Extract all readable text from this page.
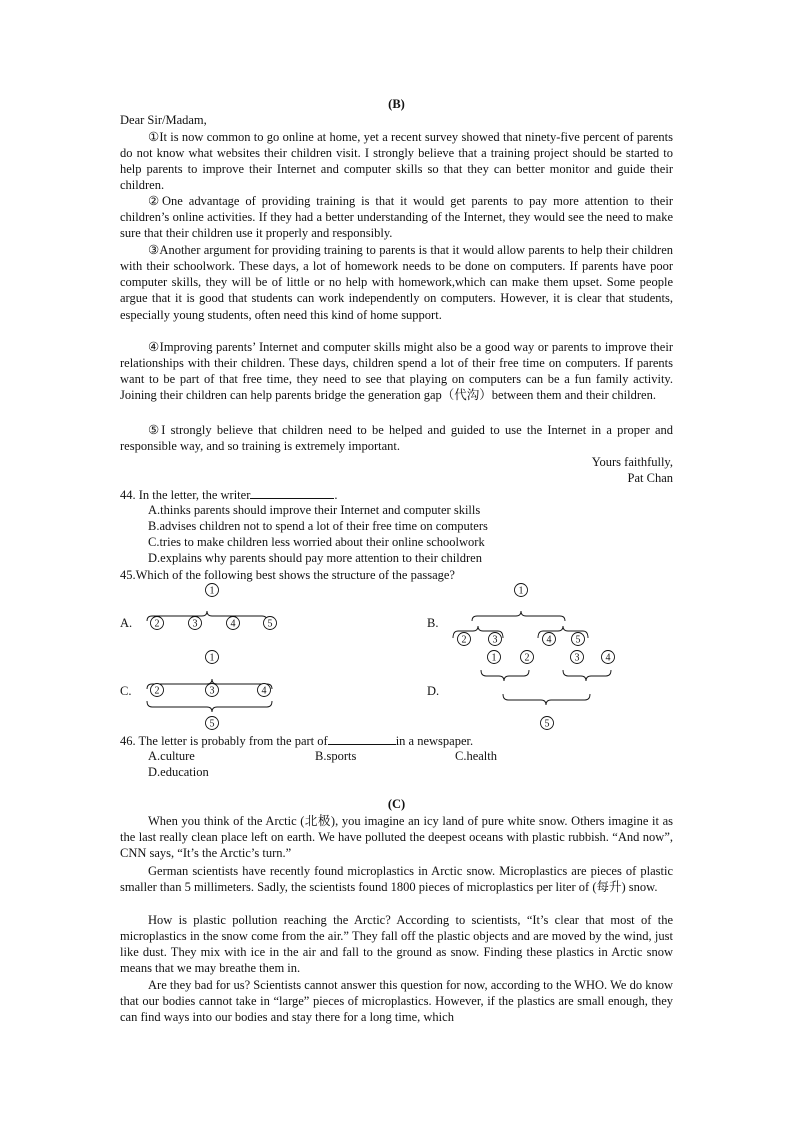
(B)
Dear Sir/Madam,
①It is now common to go online at home, yet a recent survey showed that ninety-five percent of parents do not know what websites their children visit. I strongly believe that a training project should be started to help parents to improve their Internet and computer skills so that they can better monitor and guide their children.
②One advantage of providing training is that it would get parents to pay more attention to their children’s online activities. If they had a better understanding of the Internet, they would see the need to make sure that their children use it properly and responsibly.
③Another argument for providing training to parents is that it would allow parents to help their children with their schoolwork. These days, a lot of homework needs to be done on computers. If parents have poor computer skills, they will be of little or no help with homework,which can make them upset. Some people argue that it is good that students can work independently on computers. However, it is clear that students, especially young students, often need this kind of home support.
④Improving parents’ Internet and computer skills might also be a good way or parents to improve their relationships with their children. These days, children spend a lot of their free time on computers. If parents want to be part of that free time, they need to see that playing on computers can be a fun family activity. Joining their children can help parents bridge the generation gap（代沟）between them and their children.
⑤I strongly believe that children need to be helped and guided to use the Internet in a proper and responsible way, and so training is extremely important.
Yours faithfully,
Pat Chan
44. In the letter, the writer	.
A.thinks parents should improve their Internet and computer skills
B.advises children not to spend a lot of their free time on computers
C.tries to make children less worried about their online schoolwork
D.explains why parents should pay more attention to their children
45.Which of the following best shows the structure of the passage?
A.	B.
C.	D.
1
2	3	4	5
1
2	3	4 5
1
2	3	4
5
1	2	3	4
5
46. The letter is probably from the part of	in a newspaper.
A.culture	B.sports	C.health
D.education
(C)
When you think of the Arctic (北极), you imagine an icy land of pure white snow. Others imagine it as the last really clean place left on earth. We have polluted the deepest oceans with plastic rubbish. “And now”, CNN says, “It’s the Arctic’s turn.”
German scientists have recently found microplastics in Arctic snow. Microplastics are pieces of plastic smaller than 5 millimeters. Sadly, the scientists found 1800 pieces of microplastics per liter of (每升) snow.
How is plastic pollution reaching the Arctic? According to scientists, “It’s clear that most of the microplastics in the snow come from the air.” They fall off the plastic objects and are moved by the wind, just like dust. They mix with ice in the air and fall to the ground as snow. Finding these plastics in Arctic snow means that we may breathe them in.
Are they bad for us? Scientists cannot answer this question for now, according to the WHO. We do know that our bodies cannot take in “large” pieces of microplastics. However, if the plastics are small enough, they can find ways into our bodies and stay there for a long time, which
